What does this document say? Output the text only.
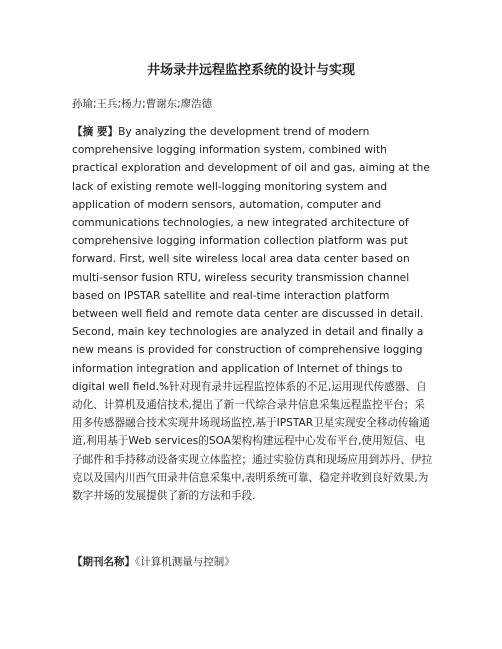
井场录井远程监控系统的设计与实现
孙瑜;王兵;杨力;曹谢东;廖浩德
【摘 要】By analyzing the development trend of modern comprehensive logging information system, combined with practical exploration and development of oil and gas, aiming at the lack of existing remote well-logging monitoring system and application of modern sensors, automation, computer and communications technologies, a new integrated architecture of comprehensive logging information collection platform was put forward. First, well site wireless local area data center based on multi-sensor fusion RTU, wireless security transmission channel based on IPSTAR satellite and real-time interaction platform between well field and remote data center are discussed in detail. Second, main key technologies are analyzed in detail and finally a new means is provided for construction of comprehensive logging information integration and application of Internet of things to digital well field.%针对现有录井远程监控体系的不足,运用现代传感器、自动化、计算机及通信技术,提出了新一代综合录井信息采集远程监控平台；采用多传感器融合技术实现井场现场监控,基于IPSTAR卫星实现安全移动传输通道,利用基于Web services的SOA架构构建远程中心发布平台,使用短信、电子邮件和手持移动设备实现立体监控；通过实验仿真和现场应用到苏丹、伊拉克以及国内川西气田录井信息采集中,表明系统可靠、稳定并收到良好效果,为数字井场的发展提供了新的方法和手段.
【期刊名称】《计算机测量与控制》
